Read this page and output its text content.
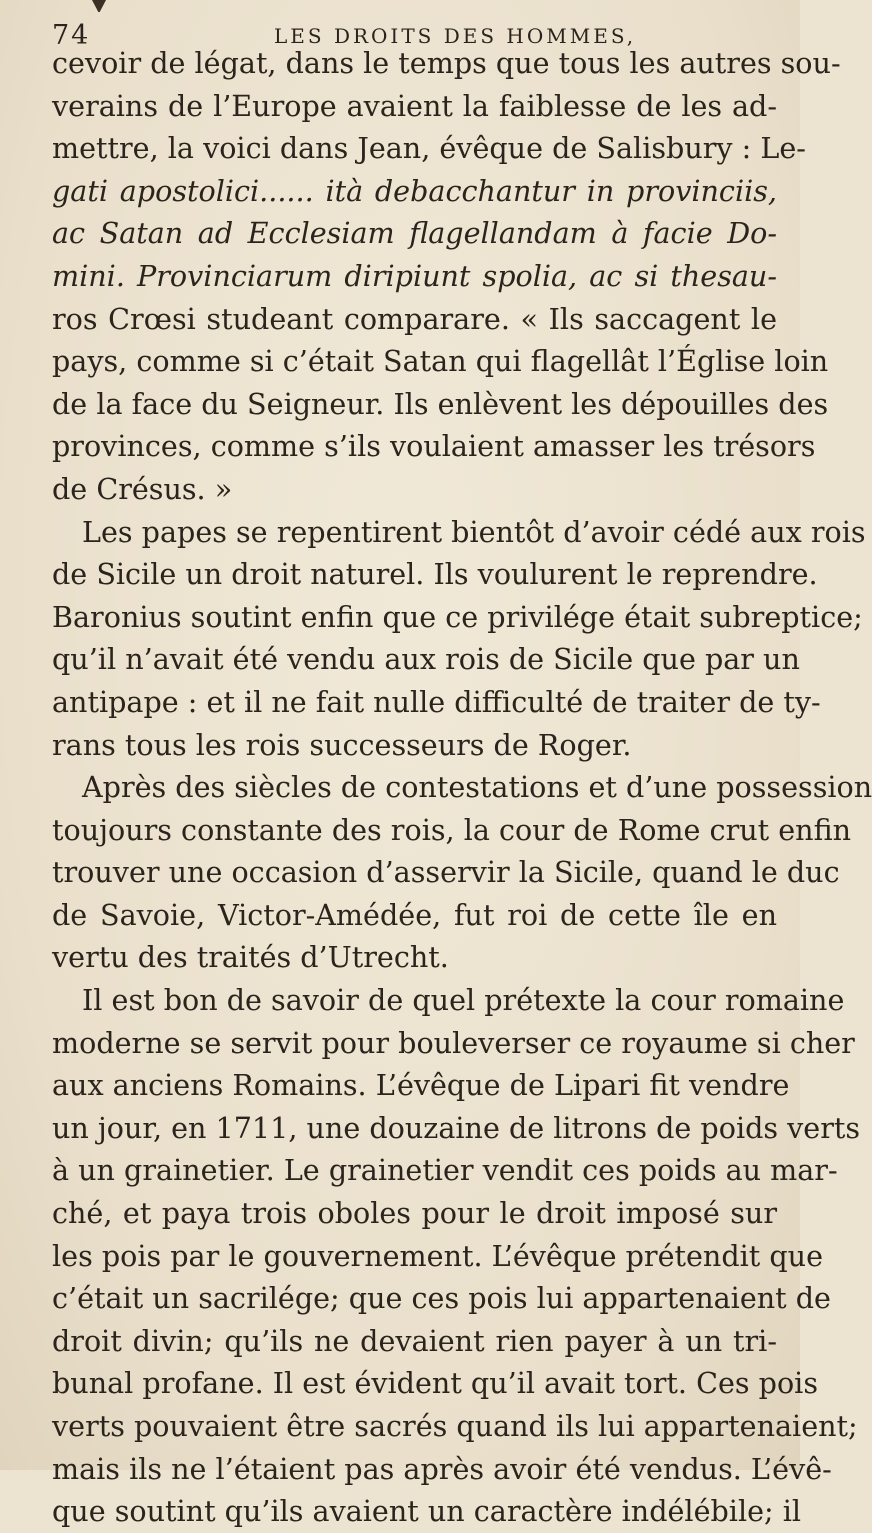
74	LES DROITS DES HOMMES,
cevoir de légat, dans le temps que tous les autres sou-
verains de l’Europe avaient la faiblesse de les ad-
mettre, la voici dans Jean, évêque de Salisbury : Le-
gati apostolici...... ità debacchantur in provinciis,
ac Satan ad Ecclesiam flagellandam à facie Do-
mini. Provinciarum diripiunt spolia, ac si thesau-
ros Crœsi studeant comparare. « Ils saccagent le
pays, comme si c’était Satan qui flagellât l’Église loin
de la face du Seigneur. Ils enlèvent les dépouilles des
provinces, comme s’ils voulaient amasser les trésors
de Crésus. »
Les papes se repentirent bientôt d’avoir cédé aux rois
de Sicile un droit naturel. Ils voulurent le reprendre.
Baronius soutint enfin que ce privilége était subreptice;
qu’il n’avait été vendu aux rois de Sicile que par un
antipape : et il ne fait nulle difficulté de traiter de ty-
rans tous les rois successeurs de Roger.
Après des siècles de contestations et d’une possession
toujours constante des rois, la cour de Rome crut enfin
trouver une occasion d’asservir la Sicile, quand le duc
de Savoie, Victor-Amédée, fut roi de cette île en
vertu des traités d’Utrecht.
Il est bon de savoir de quel prétexte la cour romaine
moderne se servit pour bouleverser ce royaume si cher
aux anciens Romains. L’évêque de Lipari fit vendre
un jour, en 1711, une douzaine de litrons de poids verts
à un grainetier. Le grainetier vendit ces poids au mar-
ché, et paya trois oboles pour le droit imposé sur
les pois par le gouvernement. L’évêque prétendit que
c’était un sacrilége; que ces pois lui appartenaient de
droit divin; qu’ils ne devaient rien payer à un tri-
bunal profane. Il est évident qu’il avait tort. Ces pois
verts pouvaient être sacrés quand ils lui appartenaient;
mais ils ne l’étaient pas après avoir été vendus. L’évê-
que soutint qu’ils avaient un caractère indélébile; il
